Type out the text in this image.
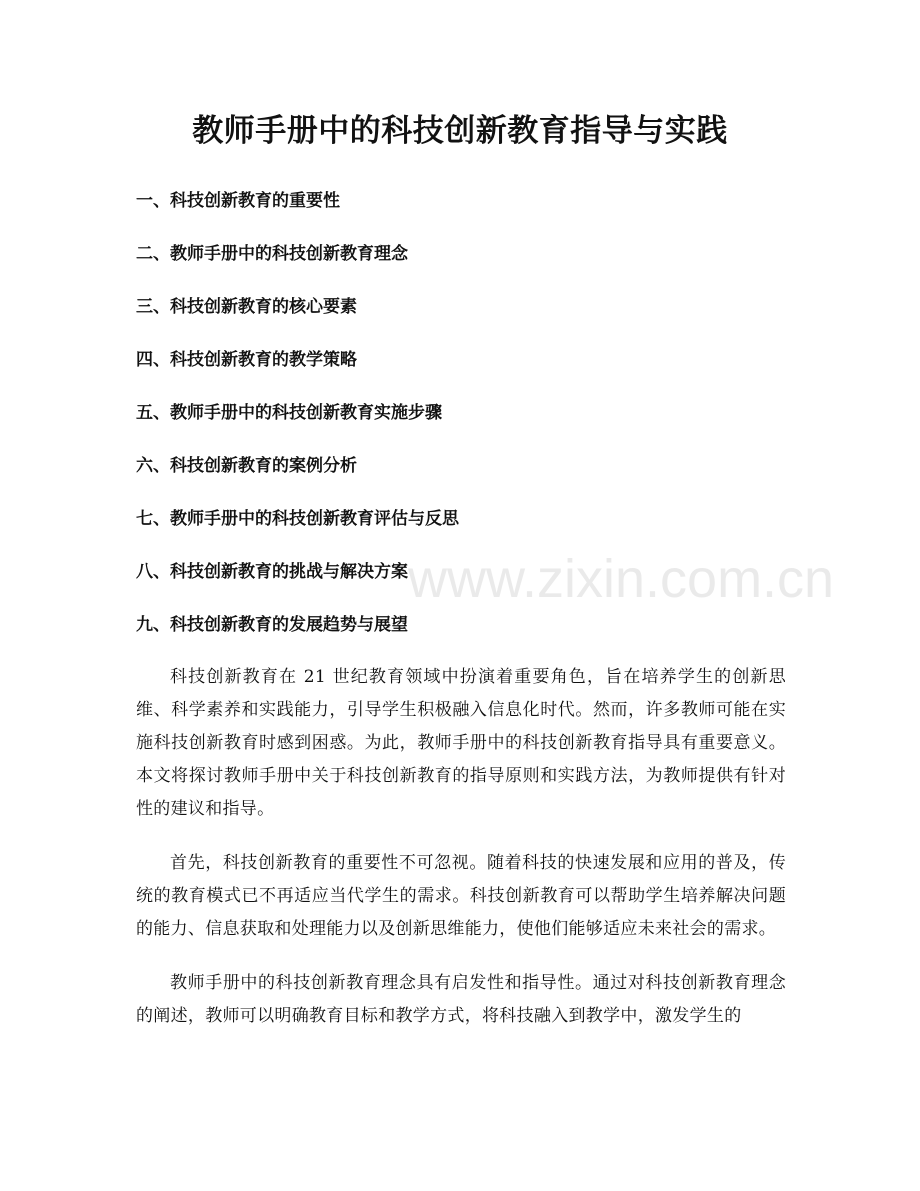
教师手册中的科技创新教育指导与实践
一、科技创新教育的重要性
二、教师手册中的科技创新教育理念
三、科技创新教育的核心要素
四、科技创新教育的教学策略
五、教师手册中的科技创新教育实施步骤
六、科技创新教育的案例分析
七、教师手册中的科技创新教育评估与反思
八、科技创新教育的挑战与解决方案
九、科技创新教育的发展趋势与展望

科技创新教育在 21 世纪教育领域中扮演着重要角色，旨在培养学生的创新思维、科学素养和实践能力，引导学生积极融入信息化时代。然而，许多教师可能在实施科技创新教育时感到困惑。为此，教师手册中的科技创新教育指导具有重要意义。本文将探讨教师手册中关于科技创新教育的指导原则和实践方法，为教师提供有针对性的建议和指导。

首先，科技创新教育的重要性不可忽视。随着科技的快速发展和应用的普及，传统的教育模式已不再适应当代学生的需求。科技创新教育可以帮助学生培养解决问题的能力、信息获取和处理能力以及创新思维能力，使他们能够适应未来社会的需求。

教师手册中的科技创新教育理念具有启发性和指导性。通过对科技创新教育理念的阐述，教师可以明确教育目标和教学方式，将科技融入到教学中，激发学生的

www.zixin.com.cn
